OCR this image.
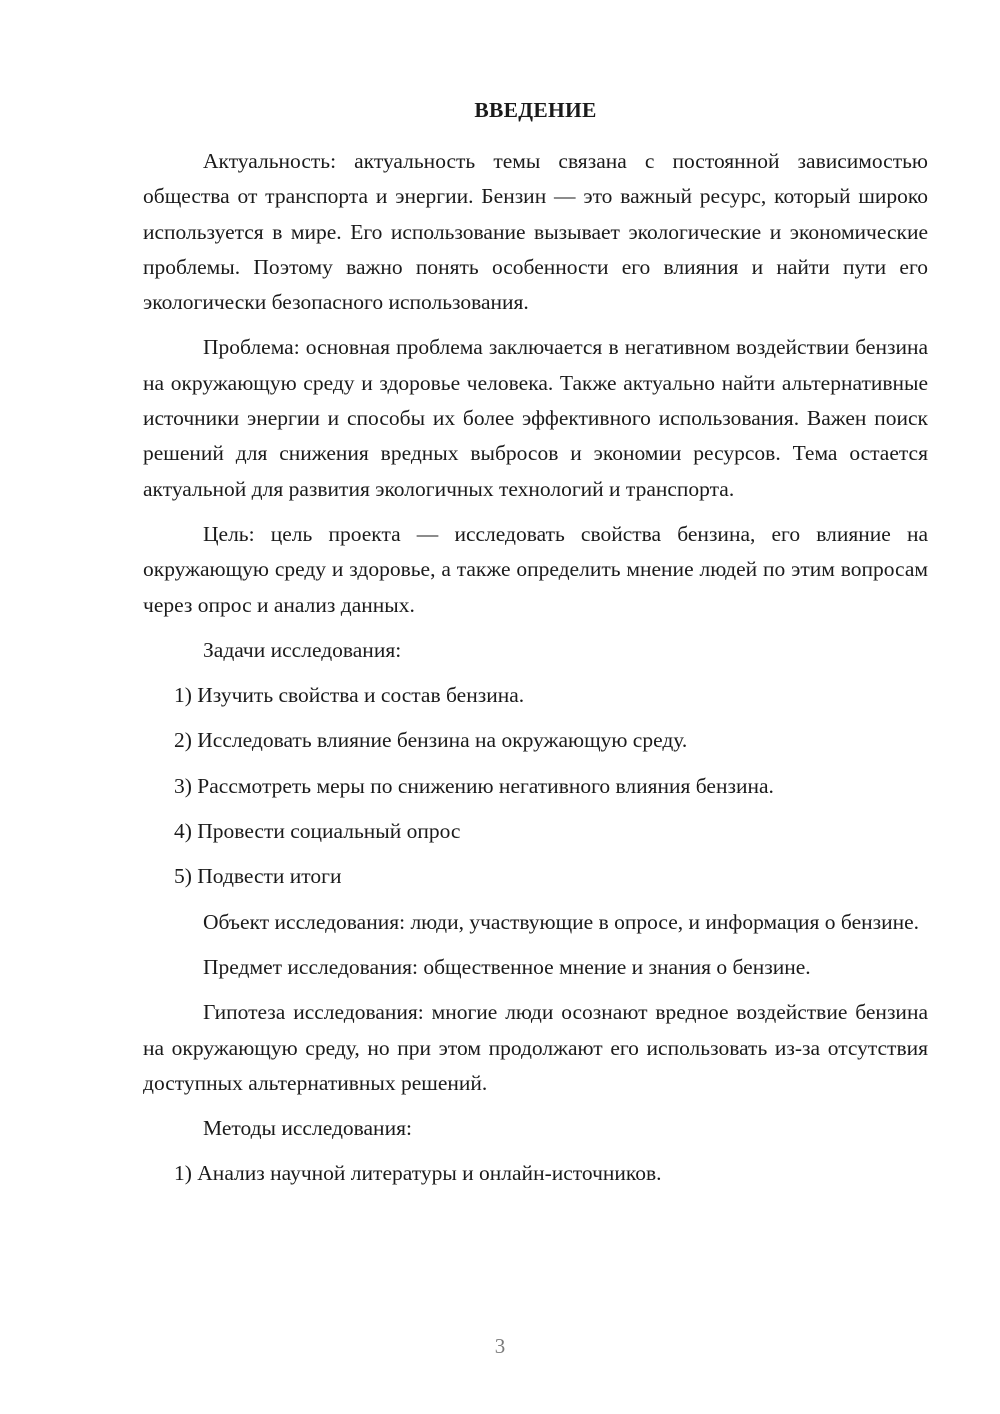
ВВЕДЕНИЕ

Актуальность: актуальность темы связана с постоянной зависимостью общества от транспорта и энергии. Бензин — это важный ресурс, который широко используется в мире. Его использование вызывает экологические и экономические проблемы. Поэтому важно понять особенности его влияния и найти пути его экологически безопасного использования.

Проблема: основная проблема заключается в негативном воздействии бензина на окружающую среду и здоровье человека. Также актуально найти альтернативные источники энергии и способы их более эффективного использования. Важен поиск решений для снижения вредных выбросов и экономии ресурсов. Тема остается актуальной для развития экологичных технологий и транспорта.

Цель: цель проекта — исследовать свойства бензина, его влияние на окружающую среду и здоровье, а также определить мнение людей по этим вопросам через опрос и анализ данных.

Задачи исследования:

1) Изучить свойства и состав бензина.
2) Исследовать влияние бензина на окружающую среду.
3) Рассмотреть меры по снижению негативного влияния бензина.
4) Провести социальный опрос
5) Подвести итоги

Объект исследования: люди, участвующие в опросе, и информация о бензине.

Предмет исследования: общественное мнение и знания о бензине.

Гипотеза исследования: многие люди осознают вредное воздействие бензина на окружающую среду, но при этом продолжают его использовать из-за отсутствия доступных альтернативных решений.

Методы исследования:

1) Анализ научной литературы и онлайн-источников.
3
